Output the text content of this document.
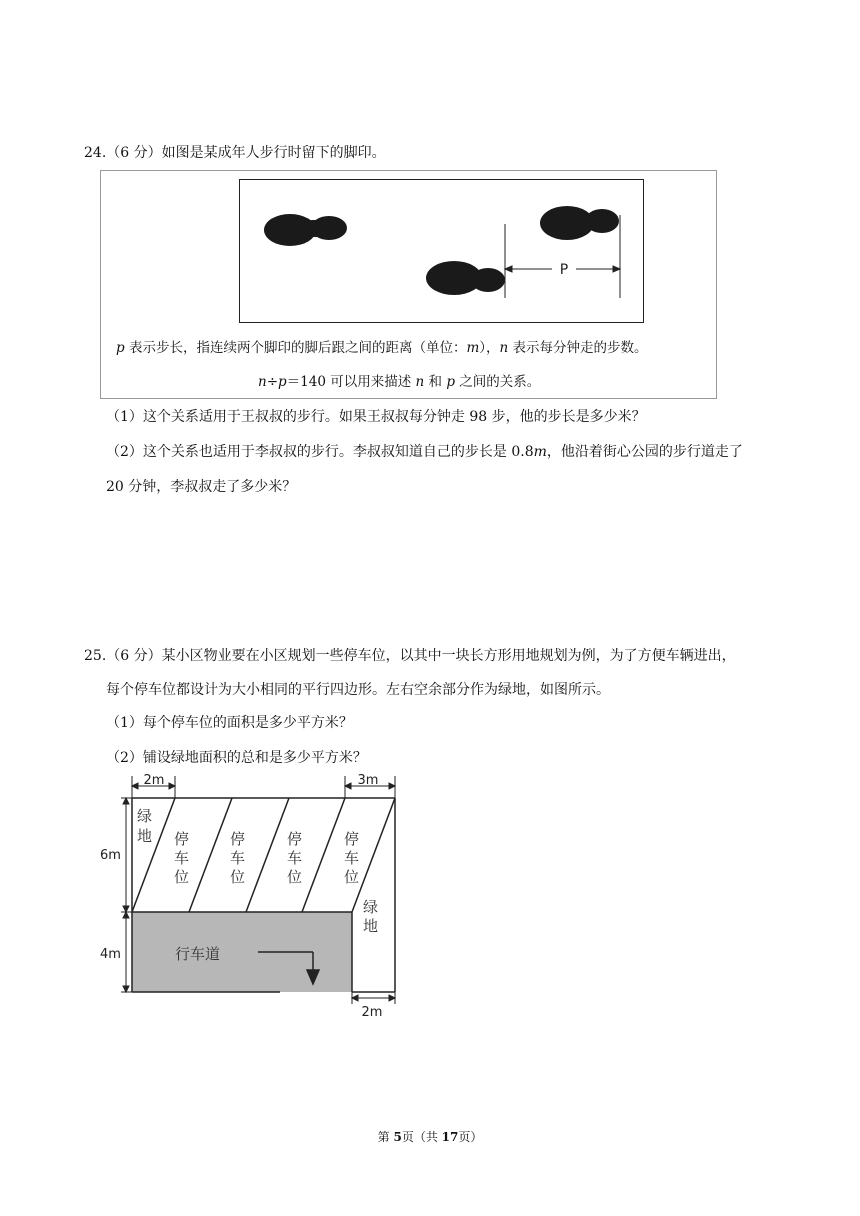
24.（6 分）如图是某成年人步行时留下的脚印。
P
p 表示步长，指连续两个脚印的脚后跟之间的距离（单位：m），n 表示每分钟走的步数。
n÷p＝140 可以用来描述 n 和 p 之间的关系。
（1）这个关系适用于王叔叔的步行。如果王叔叔每分钟走 98 步，他的步长是多少米？
（2）这个关系也适用于李叔叔的步行。李叔叔知道自己的步长是 0.8m，他沿着街心公园的步行道走了
20 分钟，李叔叔走了多少米？
25.（6 分）某小区物业要在小区规划一些停车位，以其中一块长方形用地规划为例，为了方便车辆进出，
每个停车位都设计为大小相同的平行四边形。左右空余部分作为绿地，如图所示。
（1）每个停车位的面积是多少平方米？
（2）铺设绿地面积的总和是多少平方米？
2m	3m
6m
4m
2m
绿
地
绿
地
停
车
位
停
车
位
停
车
位
停
车
位
行车道
第 5页（共 17页）
